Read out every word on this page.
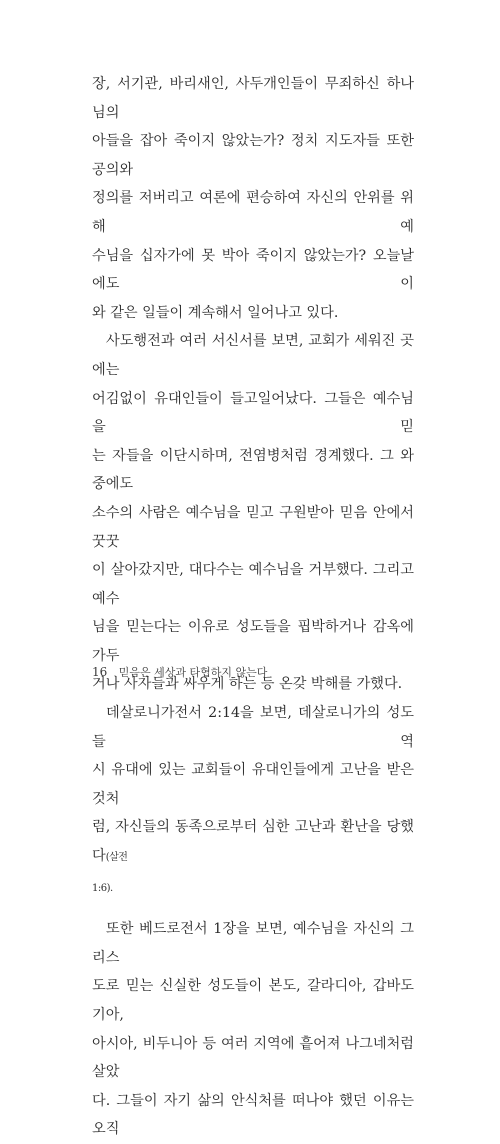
장, 서기관, 바리새인, 사두개인들이 무죄하신 하나님의

아들을 잡아 죽이지 않았는가? 정치 지도자들 또한 공의와

정의를 저버리고 여론에 편승하여 자신의 안위를 위해 예

수님을 십자가에 못 박아 죽이지 않았는가? 오늘날에도 이

와 같은 일들이 계속해서 일어나고 있다.

사도행전과 여러 서신서를 보면, 교회가 세워진 곳에는

어김없이 유대인들이 들고일어났다. 그들은 예수님을 믿

는 자들을 이단시하며, 전염병처럼 경계했다. 그 와중에도

소수의 사람은 예수님을 믿고 구원받아 믿음 안에서 꿋꿋

이 살아갔지만, 대다수는 예수님을 거부했다. 그리고 예수

님을 믿는다는 이유로 성도들을 핍박하거나 감옥에 가두

거나 사자들과 싸우게 하는 등 온갖 박해를 가했다.

데살로니가전서 2:14을 보면, 데살로니가의 성도들 역

시 유대에 있는 교회들이 유대인들에게 고난을 받은 것처

럼, 자신들의 동족으로부터 심한 고난과 환난을 당했다(살전

1:6).

또한 베드로전서 1장을 보면, 예수님을 자신의 그리스

도로 믿는 신실한 성도들이 본도, 갈라디아, 갑바도기아,

아시아, 비두니아 등 여러 지역에 흩어져 나그네처럼 살았

다. 그들이 자기 삶의 안식처를 떠나야 했던 이유는 오직

16 믿음은 세상과 타협하지 않는다
